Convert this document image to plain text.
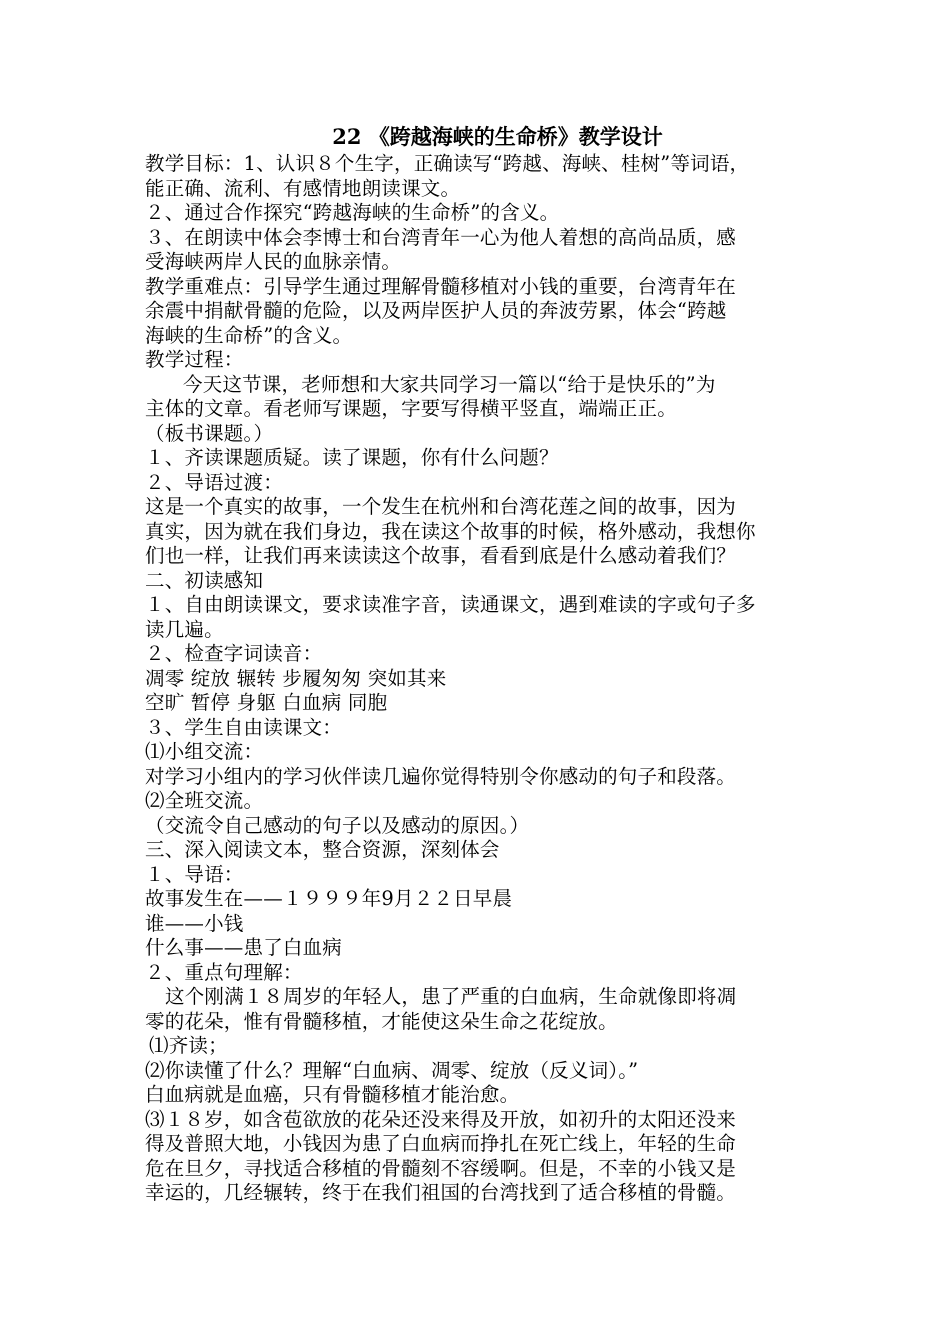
22 《跨越海峡的生命桥》教学设计
教学目标：1、认识８个生字，正确读写“跨越、海峡、桂树”等词语，
能正确、流利、有感情地朗读课文。
２、通过合作探究“跨越海峡的生命桥”的含义。
３、在朗读中体会李博士和台湾青年一心为他人着想的高尚品质，感
受海峡两岸人民的血脉亲情。
教学重难点：引导学生通过理解骨髓移植对小钱的重要，台湾青年在
余震中捐献骨髓的危险，以及两岸医护人员的奔波劳累，体会“跨越
海峡的生命桥”的含义。
教学过程：
今天这节课，老师想和大家共同学习一篇以“给于是快乐的”为
主体的文章。看老师写课题，字要写得横平竖直，端端正正。
（板书课题。）
１、齐读课题质疑。读了课题，你有什么问题？
２、导语过渡：
这是一个真实的故事，一个发生在杭州和台湾花莲之间的故事，因为
真实，因为就在我们身边，我在读这个故事的时候，格外感动，我想你
们也一样，让我们再来读读这个故事，看看到底是什么感动着我们？
二、初读感知
１、自由朗读课文，要求读准字音，读通课文，遇到难读的字或句子多
读几遍。
２、检查字词读音：
凋零 绽放 辗转 步履匆匆 突如其来
空旷 暂停 身躯 白血病 同胞
３、学生自由读课文：
⑴小组交流：
对学习小组内的学习伙伴读几遍你觉得特别令你感动的句子和段落。
⑵全班交流。
（交流令自己感动的句子以及感动的原因。）
三、深入阅读文本，整合资源，深刻体会
１、导语：
故事发生在——１９９９年9月２２日早晨
谁——小钱
什么事——患了白血病
２、重点句理解：
这个刚满１８周岁的年轻人，患了严重的白血病，生命就像即将凋
零的花朵，惟有骨髓移植，才能使这朵生命之花绽放。
⑴齐读；
⑵你读懂了什么？理解“白血病、凋零、绽放（反义词）。”
白血病就是血癌，只有骨髓移植才能治愈。
⑶１８岁，如含苞欲放的花朵还没来得及开放，如初升的太阳还没来
得及普照大地，小钱因为患了白血病而挣扎在死亡线上，年轻的生命
危在旦夕，寻找适合移植的骨髓刻不容缓啊。但是，不幸的小钱又是
幸运的，几经辗转，终于在我们祖国的台湾找到了适合移植的骨髓。
